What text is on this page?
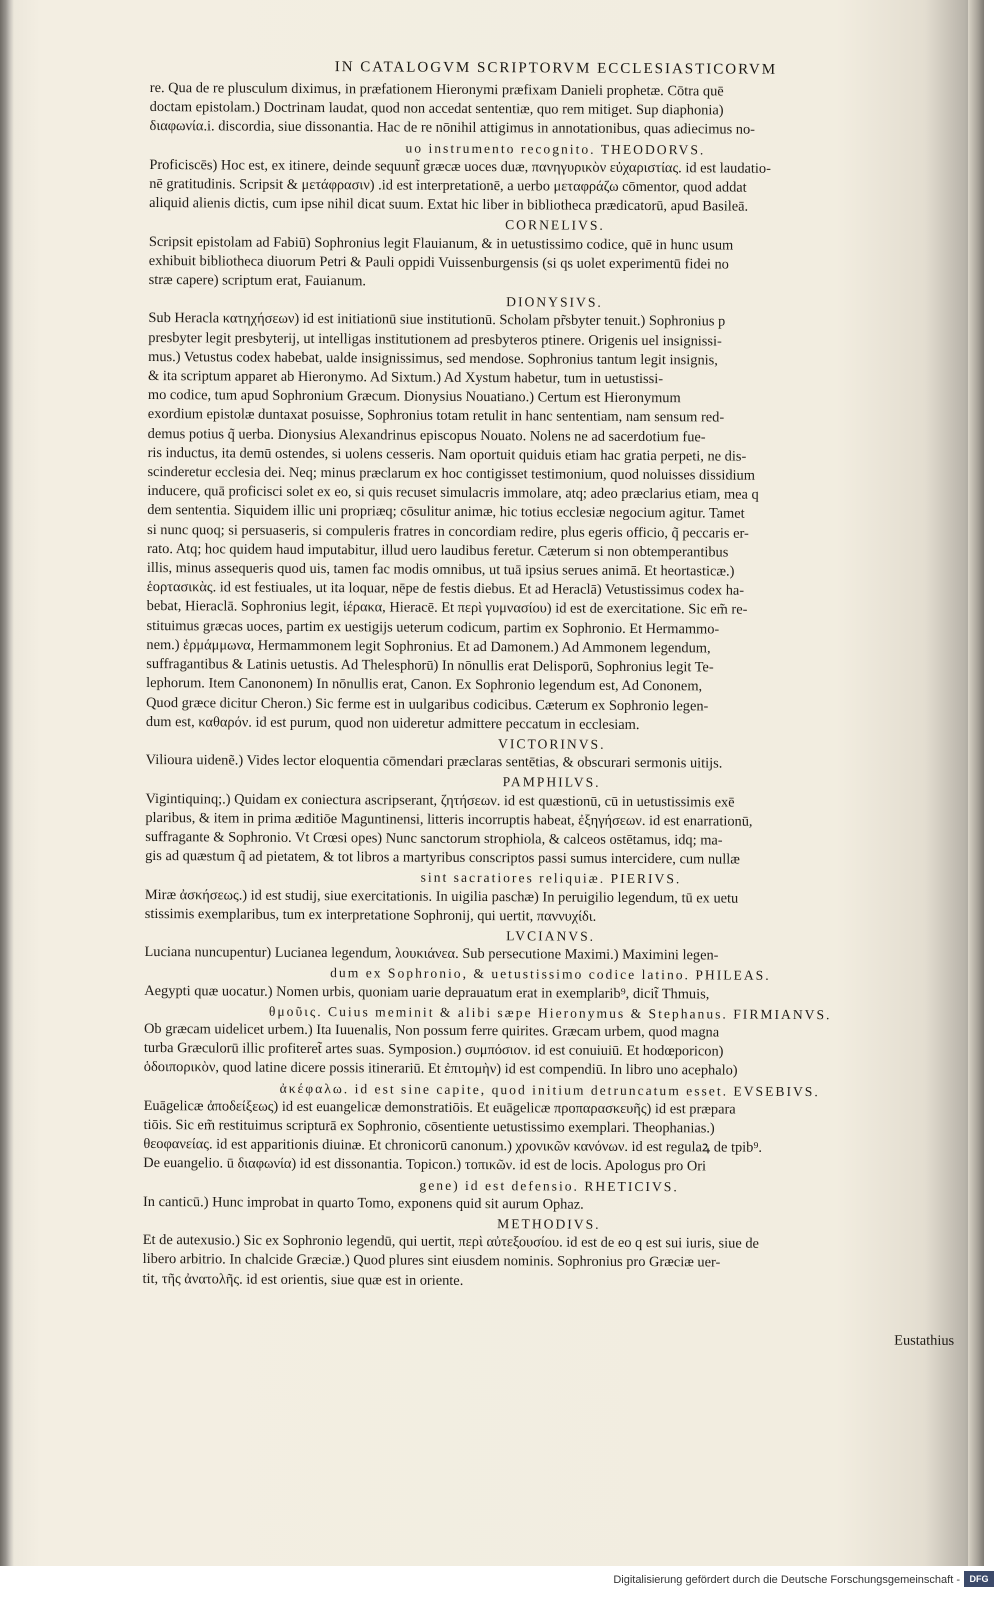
IN CATALOGVM SCRIPTORVM ECCLESIASTICORVM
re. Qua de re plusculum diximus, in præfationem Hieronymi præfixam Danieli prophetæ. Cōtra quē
doctam epistolam.) Doctrinam laudat, quod non accedat sententiæ, quo rem mitiget. Sup diaphonia)
διαφωνία.i. discordia, siue dissonantia. Hac de re nōnihil attigimus in annotationibus, quas adiecimus no-
uo instrumento recognito. THEODORVS.
Proficiscēs) Hoc est, ex itinere, deinde sequunt̃ græcæ uoces duæ, πανηγυρικὸν εὐχαριστίας. id est laudatio-
nē gratitudinis. Scripsit & μετάφρασιν) .id est interpretationē, a uerbo μεταφράζω cōmentor, quod addat
aliquid alienis dictis, cum ipse nihil dicat suum. Extat hic liber in bibliotheca prædicatorū, apud Basileā.
CORNELIVS.
Scripsit epistolam ad Fabiū) Sophronius legit Flauianum, & in uetustissimo codice, quē in hunc usum
exhibuit bibliotheca diuorum Petri & Pauli oppidi Vuissenburgensis (si qs uolet experimentū fidei no
stræ capere) scriptum erat, Fauianum.
DIONYSIVS.
Sub Heracla κατηχήσεων) id est initiationū siue institutionū. Scholam pr̃sbyter tenuit.) Sophronius p
presbyter legit presbyterij, ut intelligas institutionem ad presbyteros ptinere. Origenis uel insignissi-
mus.) Vetustus codex habebat, ualde insignissimus, sed mendose. Sophronius tantum legit insignis,
& ita scriptum apparet ab Hieronymo. Ad Sixtum.) Ad Xystum habetur, tum in uetustissi-
mo codice, tum apud Sophronium Græcum. Dionysius Nouatiano.) Certum est Hieronymum
exordium epistolæ duntaxat posuisse, Sophronius totam retulit in hanc sententiam, nam sensum red-
demus potius q̃ uerba. Dionysius Alexandrinus episcopus Nouato. Nolens ne ad sacerdotium fue-
ris inductus, ita demū ostendes, si uolens cesseris. Nam oportuit quiduis etiam hac gratia perpeti, ne dis-
scinderetur ecclesia dei. Neq; minus præclarum ex hoc contigisset testimonium, quod noluisses dissidium
inducere, quā proficisci solet ex eo, si quis recuset simulacris immolare, atq; adeo præclarius etiam, mea q
dem sententia. Siquidem illic uni propriæq; cōsulitur animæ, hic totius ecclesiæ negocium agitur. Tamet
si nunc quoq; si persuaseris, si compuleris fratres in concordiam redire, plus egeris officio, q̃ peccaris er-
rato. Atq; hoc quidem haud imputabitur, illud uero laudibus feretur. Cæterum si non obtemperantibus
illis, minus assequeris quod uis, tamen fac modis omnibus, ut tuā ipsius serues animā. Et heortasticæ.)
ἑορτασικὰς. id est festiuales, ut ita loquar, nēpe de festis diebus. Et ad Heraclā) Vetustissimus codex ha-
bebat, Hieraclā. Sophronius legit, ἱέρακα, Hieracē. Et περὶ γυμνασίου) id est de exercitatione. Sic em̃ re-
stituimus græcas uoces, partim ex uestigijs ueterum codicum, partim ex Sophronio. Et Hermammo-
nem.) ἑρμάμμωνα, Hermammonem legit Sophronius. Et ad Damonem.) Ad Ammonem legendum,
suffragantibus & Latinis uetustis. Ad Thelesphorū) In nōnullis erat Delisporū, Sophronius legit Te-
lephorum. Item Canononem) In nōnullis erat, Canon. Ex Sophronio legendum est, Ad Cononem,
Quod græce dicitur Cheron.) Sic ferme est in uulgaribus codicibus. Cæterum ex Sophronio legen-
dum est, καθαρόν. id est purum, quod non uideretur admittere peccatum in ecclesiam.
VICTORINVS.
Vilioura uidenẽ.) Vides lector eloquentia cōmendari præclaras sentētias, & obscurari sermonis uitijs.
PAMPHILVS.
Vigintiquinq;.) Quidam ex coniectura ascripserant, ζητήσεων. id est quæstionū, cū in uetustissimis exē
plaribus, & item in prima æditiōe Maguntinensi, litteris incorruptis habeat, ἐξηγήσεων. id est enarrationū,
suffragante & Sophronio. Vt Crœsi opes) Nunc sanctorum strophiola, & calceos ostētamus, idq; ma-
gis ad quæstum q̃ ad pietatem, & tot libros a martyribus conscriptos passi sumus intercidere, cum nullæ
sint sacratiores reliquiæ. PIERIVS.
Miræ ἀσκήσεως.) id est studij, siue exercitationis. In uigilia paschæ) In peruigilio legendum, tū ex uetu
stissimis exemplaribus, tum ex interpretatione Sophronij, qui uertit, παννυχίδι.
LVCIANVS.
Luciana nuncupentur) Lucianea legendum, λουκιάνεα. Sub persecutione Maximi.) Maximini legen-
dum ex Sophronio, & uetustissimo codice latino. PHILEAS.
Aegypti quæ uocatur.) Nomen urbis, quoniam uarie deprauatum erat in exemplarib⁹, dicit̃ Thmuis,
θμοῦις. Cuius meminit & alibi sæpe Hieronymus & Stephanus. FIRMIANVS.
Ob græcam uidelicet urbem.) Ita Iuuenalis, Non possum ferre quirites. Græcam urbem, quod magna
turba Græculorū illic profiteret̃ artes suas. Symposion.) συμπόσιον. id est conuiuiū. Et hodœporicon)
ὁδοιπορικὸν, quod latine dicere possis itinerariū. Et ἐπιτομὴν) id est compendiū. In libro uno acephalo)
ἀκέφαλω. id est sine capite, quod initium detruncatum esset. EVSEBIVS.
Euāgelicæ ἀποδείξεως) id est euangelicæ demonstratiōis. Et euāgelicæ προπαρασκευῆς) id est præpara
tiōis. Sic em̃ restituimus scripturā ex Sophronio, cōsentiente uetustissimo exemplari. Theophanias.)
θεοφανείας. id est apparitionis diuinæ. Et chronicorū canonum.) χρονικῶν κανόνων. id est regulaꝝ de tpib⁹.
De euangelio. ū διαφωνία) id est dissonantia. Topicon.) τοπικῶν. id est de locis. Apologus pro Ori
gene) id est defensio. RHETICIVS.
In canticū.) Hunc improbat in quarto Tomo, exponens quid sit aurum Ophaz.
METHODIVS.
Et de autexusio.) Sic ex Sophronio legendū, qui uertit, περὶ αὐτεξουσίου. id est de eo q est sui iuris, siue de
libero arbitrio. In chalcide Græciæ.) Quod plures sint eiusdem nominis. Sophronius pro Græciæ uer-
tit, τῆς ἀνατολῆς. id est orientis, siue quæ est in oriente.
Eustathius
Digitalisierung gefördert durch die Deutsche Forschungsgemeinschaft -	DFG
